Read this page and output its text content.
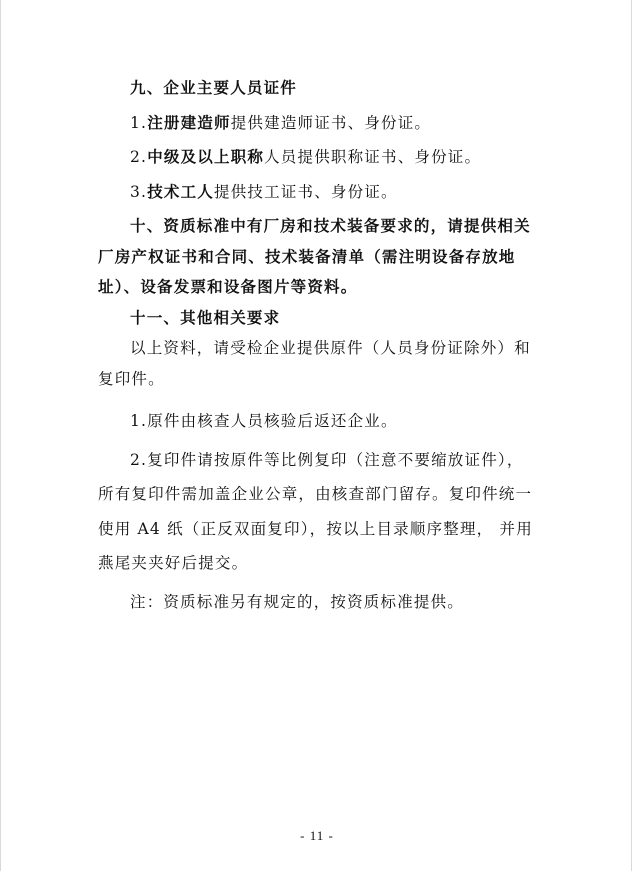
九、企业主要人员证件

1.注册建造师提供建造师证书、身份证。

2.中级及以上职称人员提供职称证书、身份证。

3.技术工人提供技工证书、身份证。

十、资质标准中有厂房和技术装备要求的，请提供相关

厂房产权证书和合同、技术装备清单（需注明设备存放地

址）、设备发票和设备图片等资料。

十一、其他相关要求

以上资料，请受检企业提供原件（人员身份证除外）和

复印件。

1.原件由核查人员核验后返还企业。

2.复印件请按原件等比例复印（注意不要缩放证件），

所有复印件需加盖企业公章，由核查部门留存。复印件统一

使用 A4 纸（正反双面复印），按以上目录顺序整理， 并用

燕尾夹夹好后提交。

注：资质标准另有规定的，按资质标准提供。

- 11 -
